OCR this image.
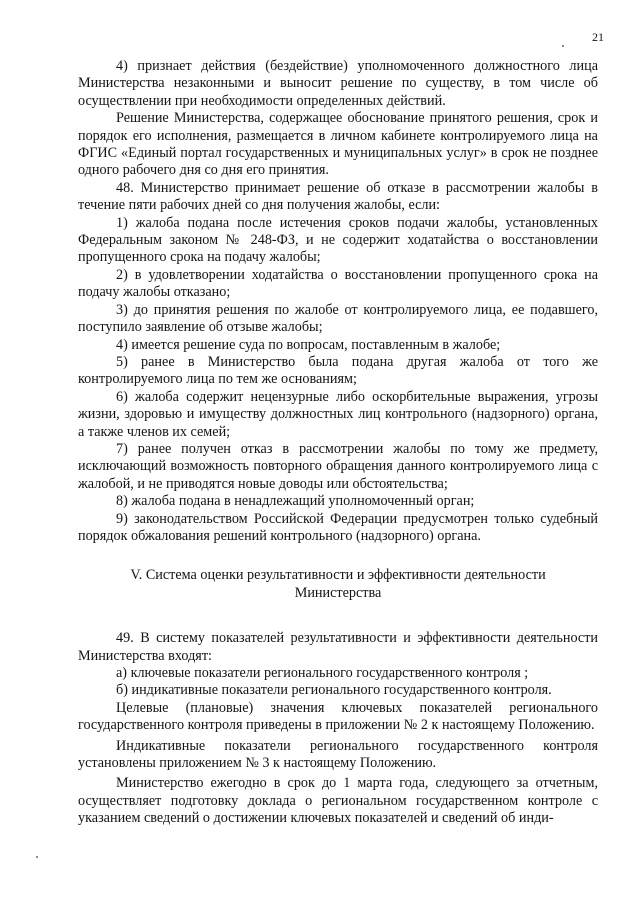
21

4) признает действия (бездействие) уполномоченного должностного лица Министерства незаконными и выносит решение по существу, в том числе об осуществлении при необходимости определенных действий.

Решение Министерства, содержащее обоснование принятого решения, срок и порядок его исполнения, размещается в личном кабинете контролируемого лица на ФГИС «Единый портал государственных и муниципальных услуг» в срок не позднее одного рабочего дня со дня его принятия.

48. Министерство принимает решение об отказе в рассмотрении жалобы в течение пяти рабочих дней со дня получения жалобы, если:

1) жалоба подана после истечения сроков подачи жалобы, установленных Федеральным законом № 248-ФЗ, и не содержит ходатайства о восстановлении пропущенного срока на подачу жалобы;

2) в удовлетворении ходатайства о восстановлении пропущенного срока на подачу жалобы отказано;

3) до принятия решения по жалобе от контролируемого лица, ее подавшего, поступило заявление об отзыве жалобы;

4) имеется решение суда по вопросам, поставленным в жалобе;

5) ранее в Министерство была подана другая жалоба от того же контролируемого лица по тем же основаниям;

6) жалоба содержит нецензурные либо оскорбительные выражения, угрозы жизни, здоровью и имуществу должностных лиц контрольного (надзорного) органа, а также членов их семей;

7) ранее получен отказ в рассмотрении жалобы по тому же предмету, исключающий возможность повторного обращения данного контролируемого лица с жалобой, и не приводятся новые доводы или обстоятельства;

8) жалоба подана в ненадлежащий уполномоченный орган;

9) законодательством Российской Федерации предусмотрен только судебный порядок обжалования решений контрольного (надзорного) органа.

V. Система оценки результативности и эффективности деятельности Министерства

49. В систему показателей результативности и эффективности деятельности Министерства входят:

а) ключевые показатели регионального государственного контроля ;

б) индикативные показатели регионального государственного контроля.

Целевые (плановые) значения ключевых показателей регионального государственного контроля приведены в приложении № 2 к настоящему Положению.

Индикативные показатели регионального государственного контроля установлены приложением № 3 к настоящему Положению.

Министерство ежегодно в срок до 1 марта года, следующего за отчетным, осуществляет подготовку доклада о региональном государственном контроле с указанием сведений о достижении ключевых показателей и сведений об инди-
